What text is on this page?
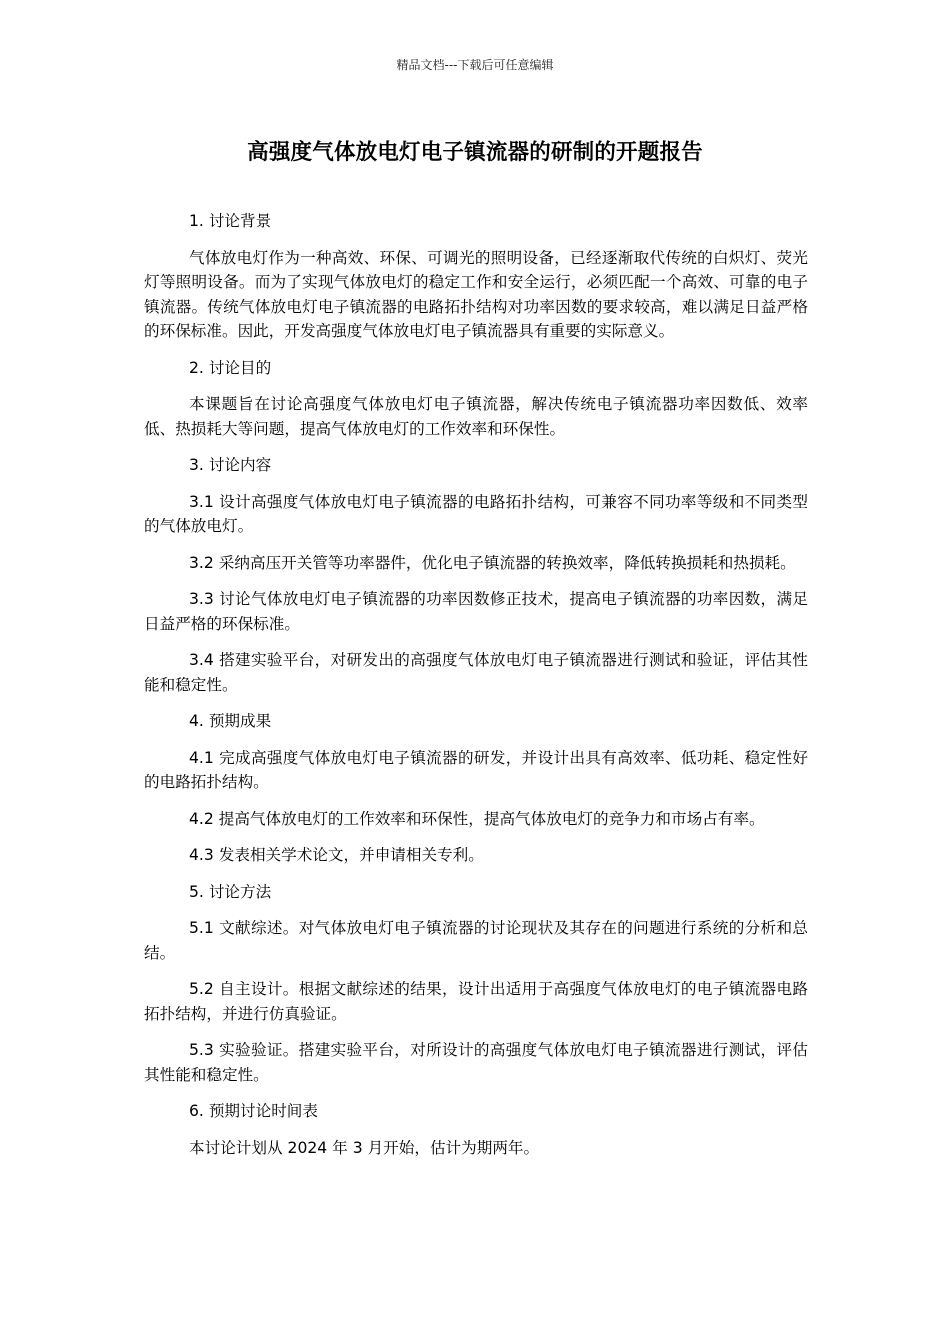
精品文档---下载后可任意编辑
高强度气体放电灯电子镇流器的研制的开题报告

1. 讨论背景

气体放电灯作为一种高效、环保、可调光的照明设备，已经逐渐取代传统的白炽灯、荧光灯等照明设备。而为了实现气体放电灯的稳定工作和安全运行，必须匹配一个高效、可靠的电子镇流器。传统气体放电灯电子镇流器的电路拓扑结构对功率因数的要求较高，难以满足日益严格的环保标准。因此，开发高强度气体放电灯电子镇流器具有重要的实际意义。

2. 讨论目的

本课题旨在讨论高强度气体放电灯电子镇流器，解决传统电子镇流器功率因数低、效率低、热损耗大等问题，提高气体放电灯的工作效率和环保性。

3. 讨论内容

3.1 设计高强度气体放电灯电子镇流器的电路拓扑结构，可兼容不同功率等级和不同类型的气体放电灯。

3.2 采纳高压开关管等功率器件，优化电子镇流器的转换效率，降低转换损耗和热损耗。

3.3 讨论气体放电灯电子镇流器的功率因数修正技术，提高电子镇流器的功率因数，满足日益严格的环保标准。

3.4 搭建实验平台，对研发出的高强度气体放电灯电子镇流器进行测试和验证，评估其性能和稳定性。

4. 预期成果

4.1 完成高强度气体放电灯电子镇流器的研发，并设计出具有高效率、低功耗、稳定性好的电路拓扑结构。

4.2 提高气体放电灯的工作效率和环保性，提高气体放电灯的竞争力和市场占有率。

4.3 发表相关学术论文，并申请相关专利。

5. 讨论方法

5.1 文献综述。对气体放电灯电子镇流器的讨论现状及其存在的问题进行系统的分析和总结。

5.2 自主设计。根据文献综述的结果，设计出适用于高强度气体放电灯的电子镇流器电路拓扑结构，并进行仿真验证。

5.3 实验验证。搭建实验平台，对所设计的高强度气体放电灯电子镇流器进行测试，评估其性能和稳定性。

6. 预期讨论时间表

本讨论计划从 2024 年 3 月开始，估计为期两年。
